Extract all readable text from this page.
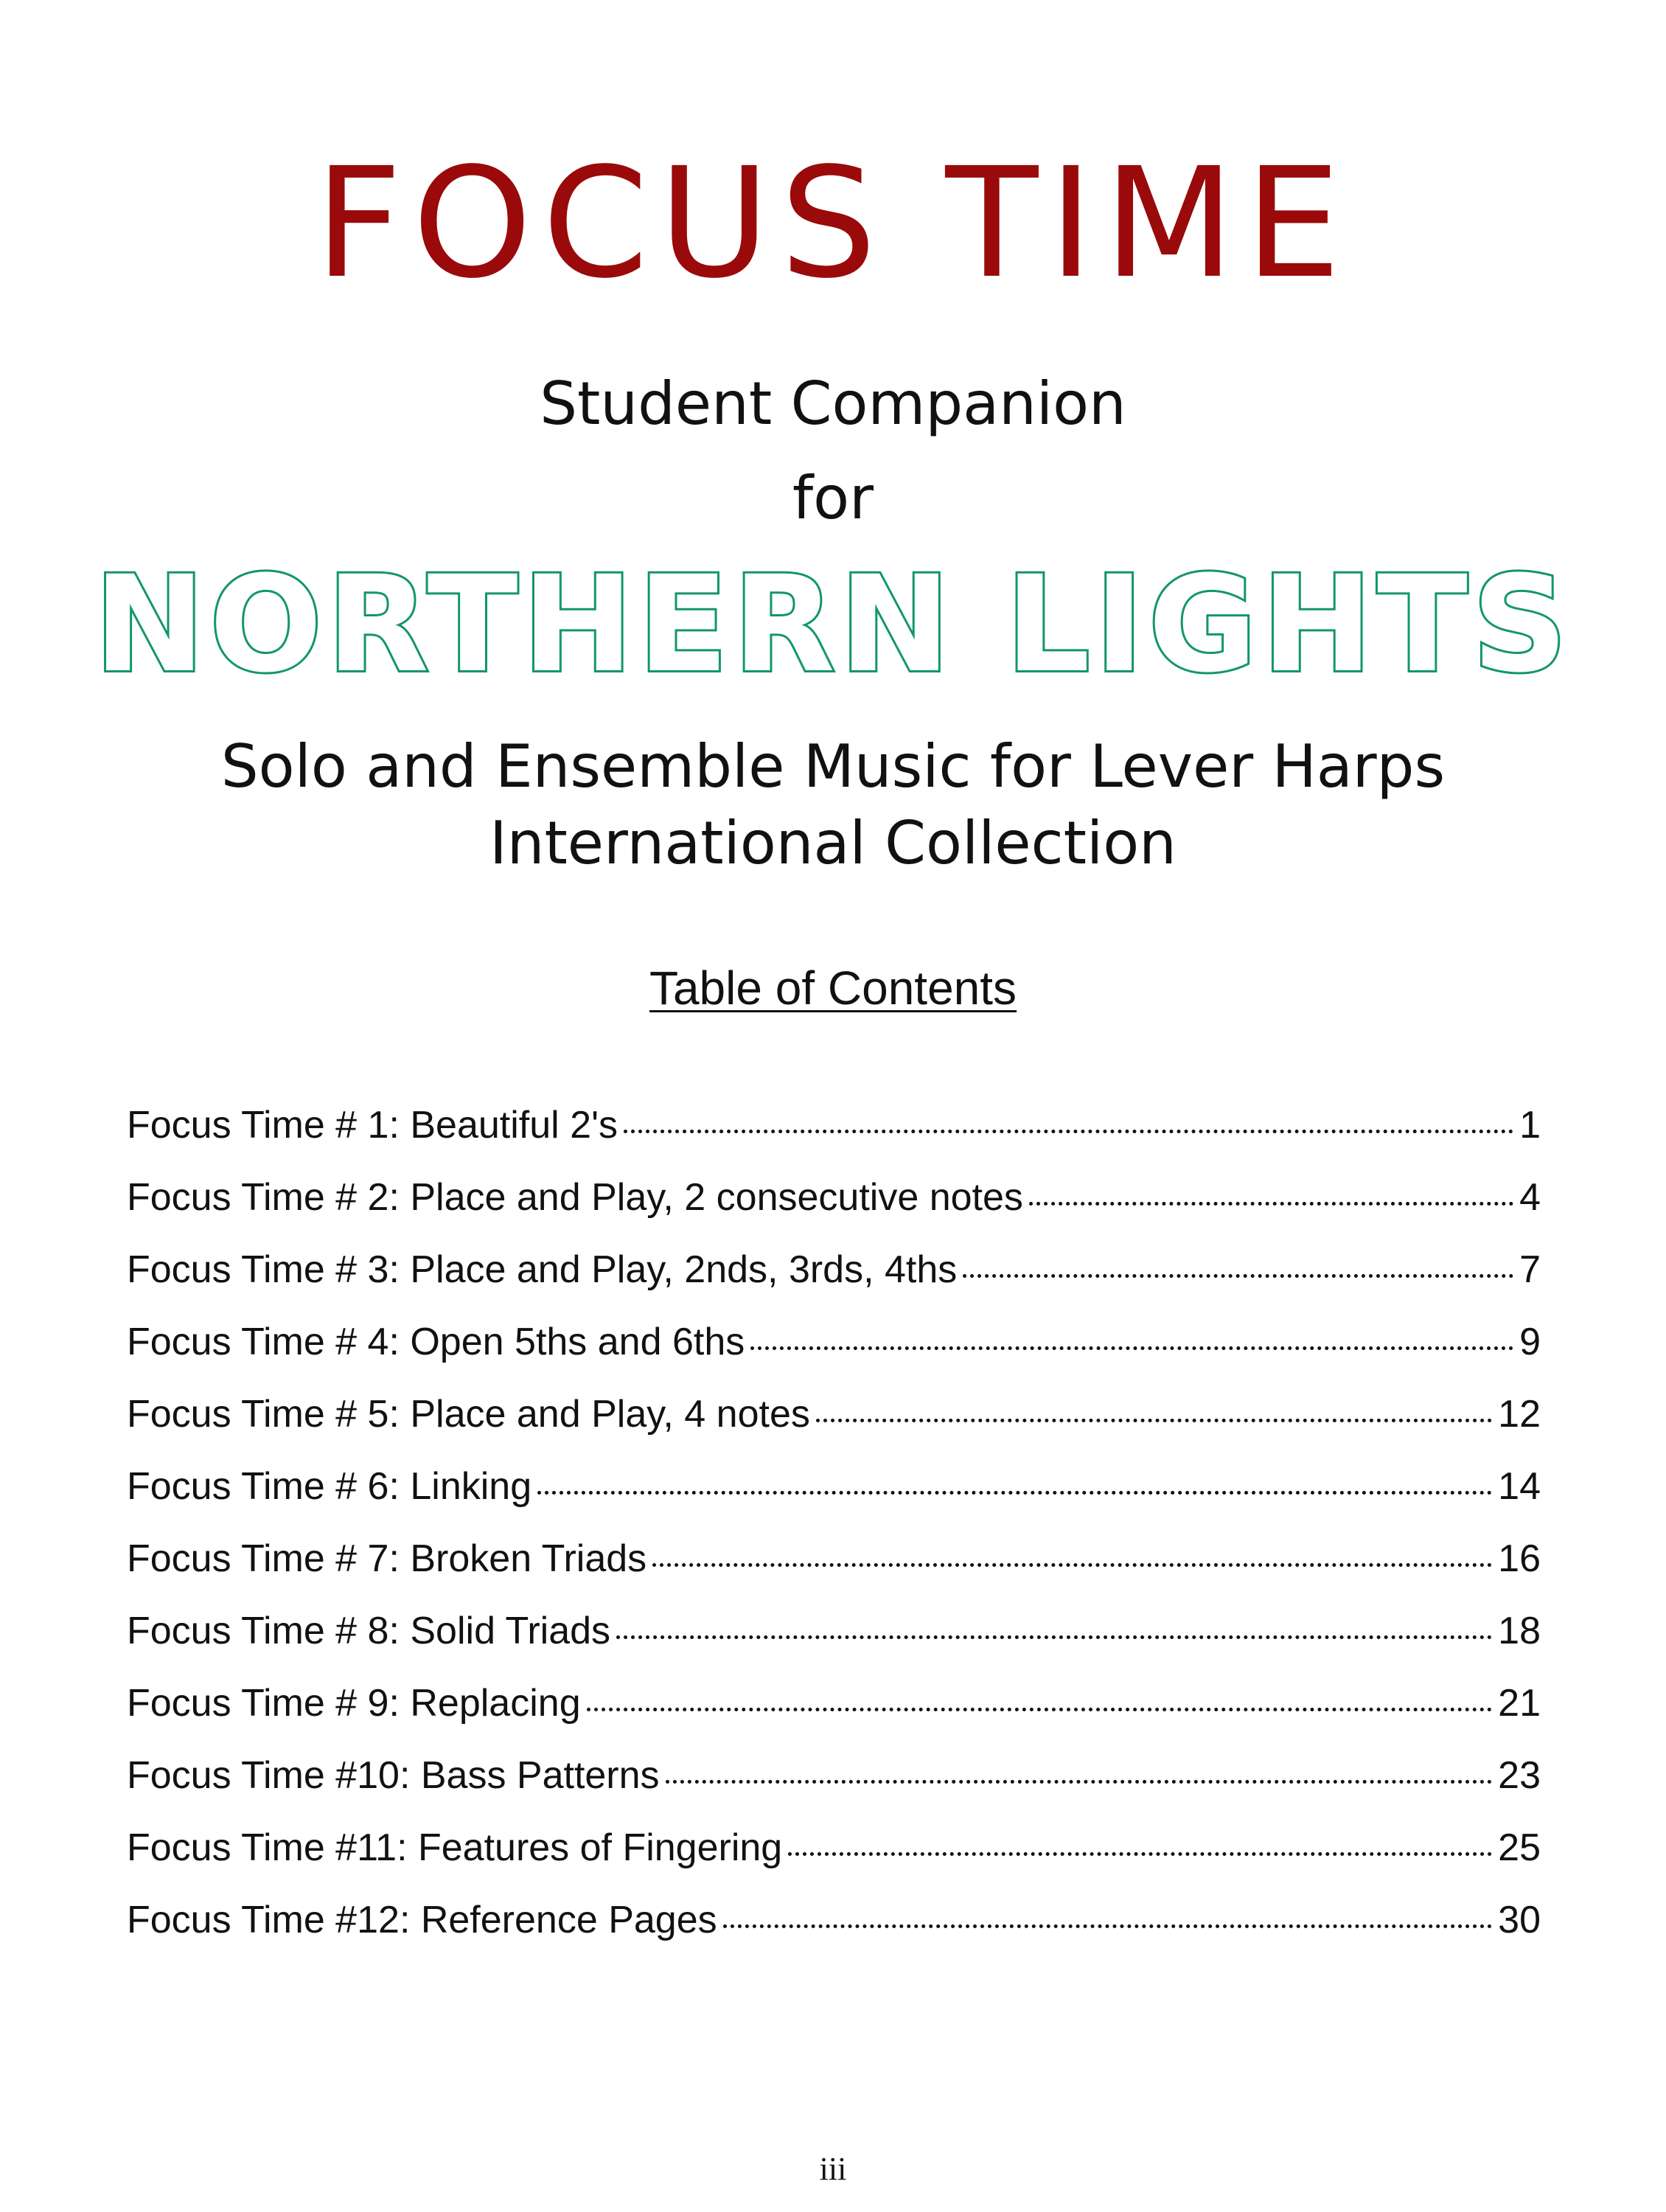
FOCUS TIME
Student Companion
for
NORTHERN LIGHTS
Solo and Ensemble Music for Lever Harps
International Collection
Table of Contents
Focus Time # 1: Beautiful 2's	1
Focus Time # 2: Place and Play, 2 consecutive notes	4
Focus Time # 3: Place and Play, 2nds, 3rds, 4ths	7
Focus Time # 4: Open 5ths and 6ths	9
Focus Time # 5: Place and Play, 4 notes	12
Focus Time # 6: Linking	14
Focus Time # 7: Broken Triads	16
Focus Time # 8: Solid Triads	18
Focus Time # 9: Replacing	21
Focus Time #10: Bass Patterns	23
Focus Time #11: Features of Fingering	25
Focus Time #12: Reference Pages	30
iii
